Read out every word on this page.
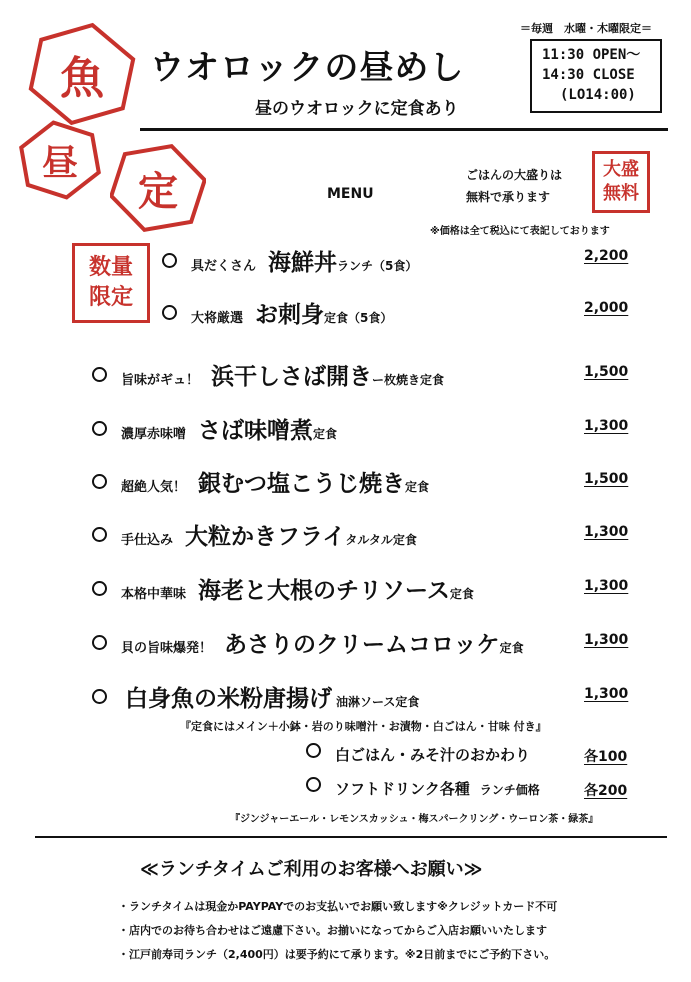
魚
昼
定
ウオロックの昼めし
昼のウオロックに定食あり
＝毎週　水曜・木曜限定＝
11:30 OPEN〜
14:30 CLOSE
(LO14:00)
MENU
ごはんの大盛りは
無料で承ります
大盛
無料
※価格は全て税込にて表記しております
数量
限定
具だくさん 海鮮丼 ランチ（5食）
2,200
大将厳選 お刺身 定食（5食）
2,000
旨味がギュ！ 浜干しさば開き ー枚焼き定食	1,500
濃厚赤味噌 さば味噌煮 定食	1,300
超絶人気！ 銀むつ塩こうじ焼き 定食	1,500
手仕込み 大粒かきフライ タルタル定食	1,300
本格中華味 海老と大根のチリソース 定食	1,300
貝の旨味爆発！ あさりのクリームコロッケ 定食	1,300
白身魚の米粉唐揚げ 油淋ソース定食	1,300
『定食にはメイン＋小鉢・岩のり味噌汁・お漬物・白ごはん・甘味 付き』
白ごはん・みそ汁のおかわり	各100
ソフトドリンク各種 ランチ価格	各200
『ジンジャーエール・レモンスカッシュ・梅スパークリング・ウーロン茶・緑茶』
≪ランチタイムご利用のお客様へお願い≫
・ランチタイムは現金かPAYPAYでのお支払いでお願い致します※クレジットカード不可
・店内でのお待ち合わせはご遠慮下さい。お揃いになってからご入店お願いいたします
・江戸前寿司ランチ（2,400円）は要予約にて承ります。※2日前までにご予約下さい。
